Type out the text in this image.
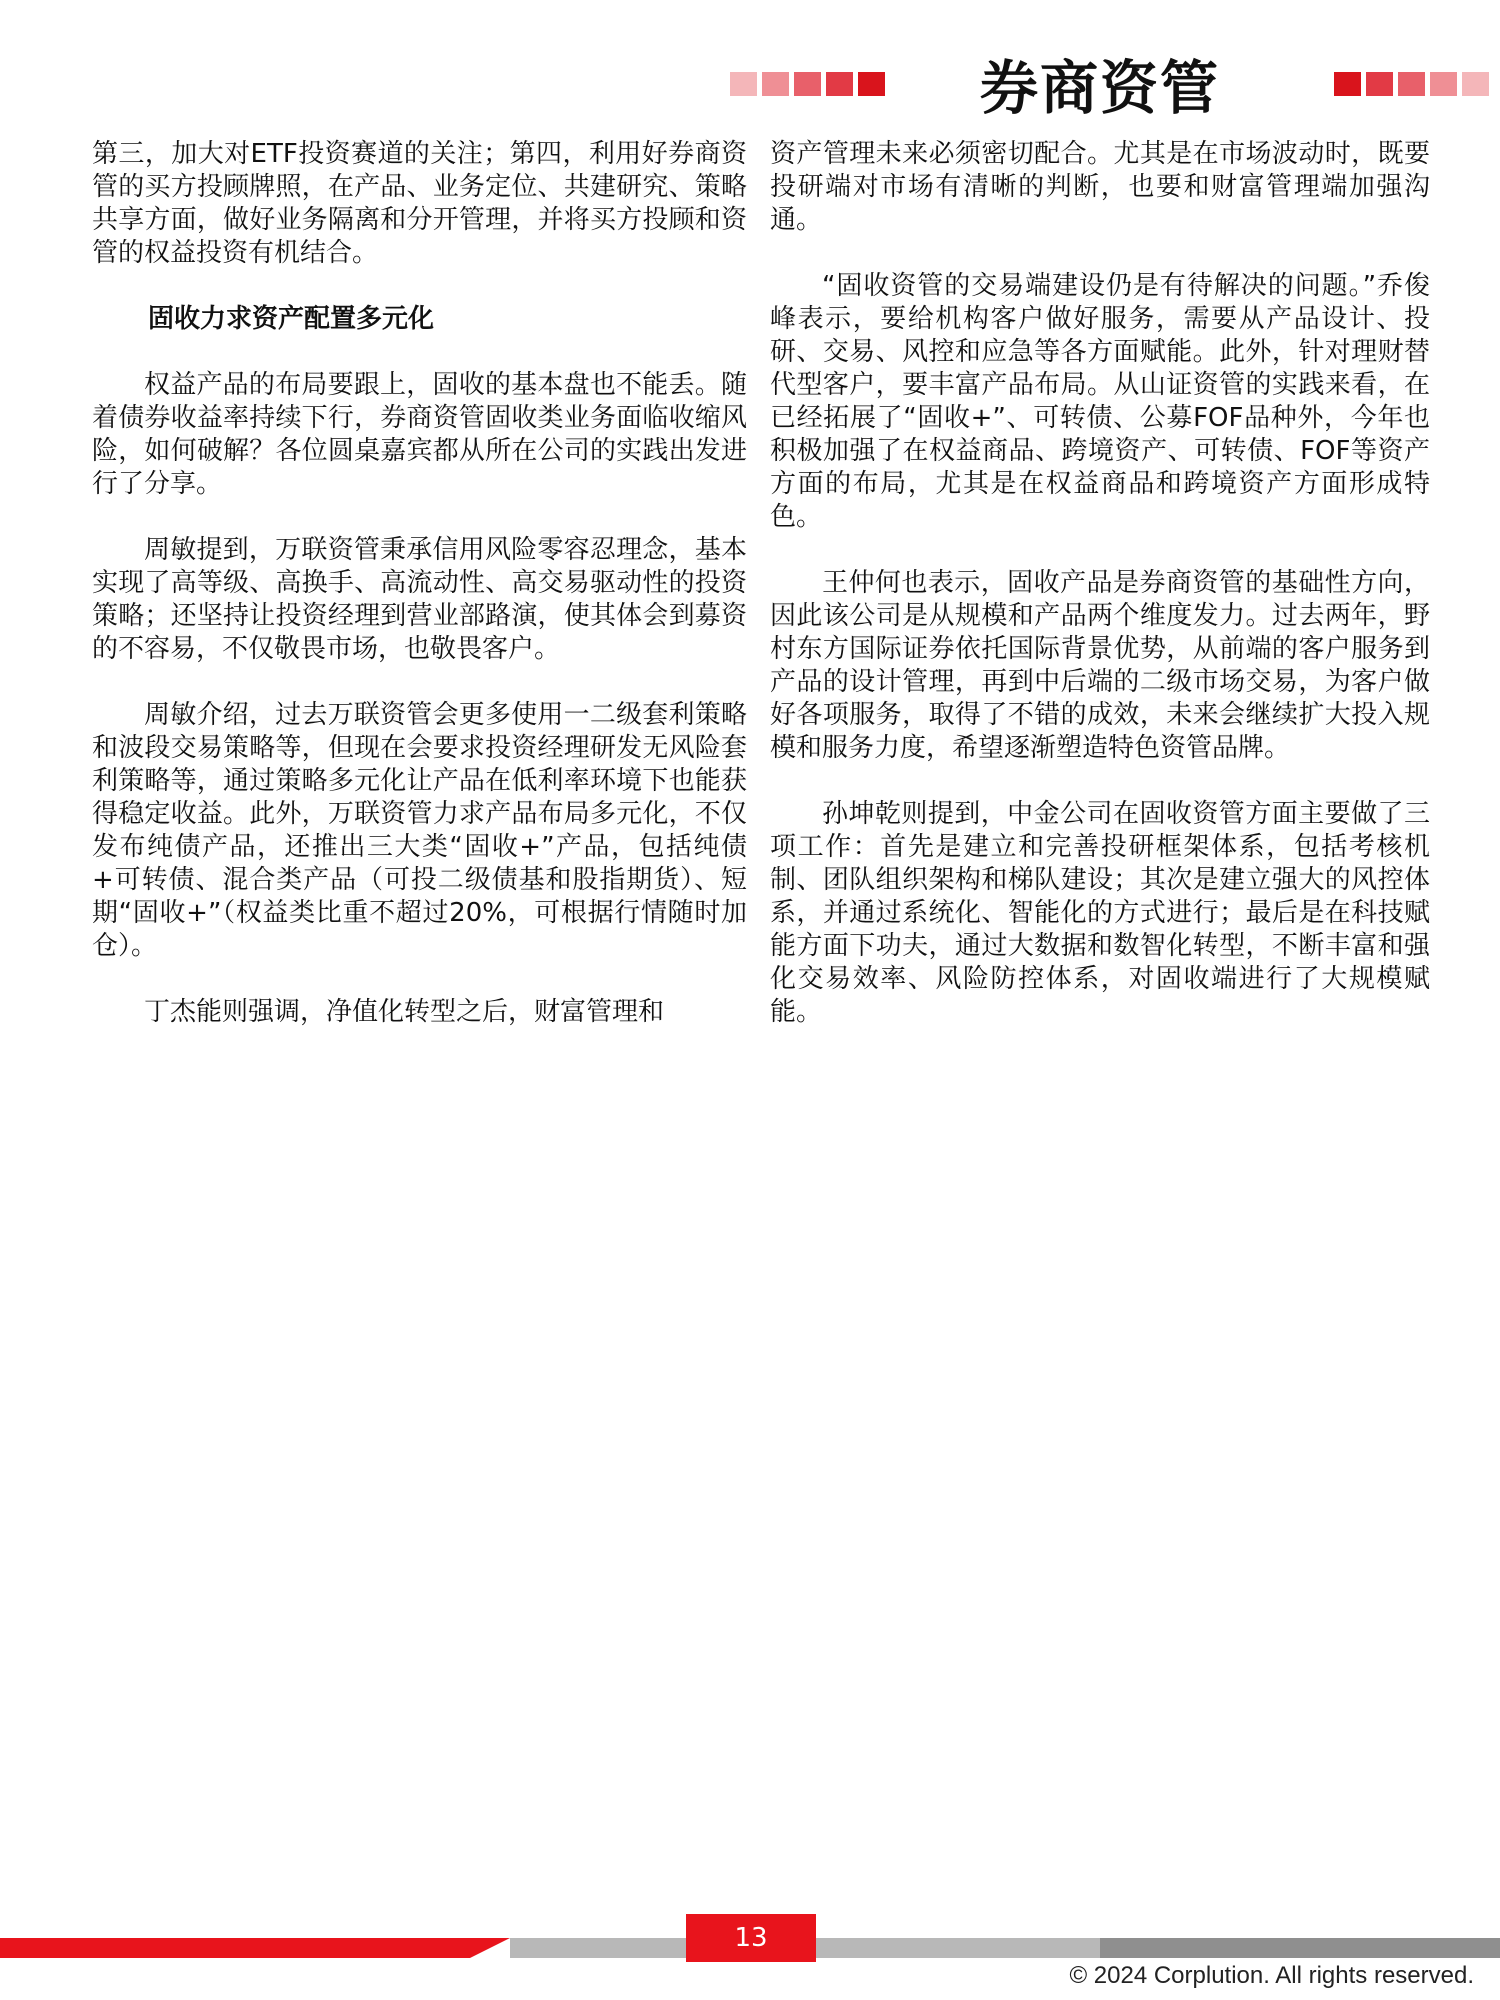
券商资管

第三，加大对ETF投资赛道的关注；第四，利用好券商资管的买方投顾牌照，在产品、业务定位、共建研究、策略共享方面，做好业务隔离和分开管理，并将买方投顾和资管的权益投资有机结合。

固收力求资产配置多元化

权益产品的布局要跟上，固收的基本盘也不能丢。随着债券收益率持续下行，券商资管固收类业务面临收缩风险，如何破解？各位圆桌嘉宾都从所在公司的实践出发进行了分享。

周敏提到，万联资管秉承信用风险零容忍理念，基本实现了高等级、高换手、高流动性、高交易驱动性的投资策略；还坚持让投资经理到营业部路演，使其体会到募资的不容易，不仅敬畏市场，也敬畏客户。

周敏介绍，过去万联资管会更多使用一二级套利策略和波段交易策略等，但现在会要求投资经理研发无风险套利策略等，通过策略多元化让产品在低利率环境下也能获得稳定收益。此外，万联资管力求产品布局多元化，不仅发布纯债产品，还推出三大类“固收+”产品，包括纯债+可转债、混合类产品（可投二级债基和股指期货）、短期“固收+”（权益类比重不超过20%，可根据行情随时加仓）。

丁杰能则强调，净值化转型之后，财富管理和

资产管理未来必须密切配合。尤其是在市场波动时，既要投研端对市场有清晰的判断，也要和财富管理端加强沟通。

“固收资管的交易端建设仍是有待解决的问题。”乔俊峰表示，要给机构客户做好服务，需要从产品设计、投研、交易、风控和应急等各方面赋能。此外，针对理财替代型客户，要丰富产品布局。从山证资管的实践来看，在已经拓展了“固收+”、可转债、公募FOF品种外，今年也积极加强了在权益商品、跨境资产、可转债、FOF等资产方面的布局，尤其是在权益商品和跨境资产方面形成特色。

王仲何也表示，固收产品是券商资管的基础性方向，因此该公司是从规模和产品两个维度发力。过去两年，野村东方国际证券依托国际背景优势，从前端的客户服务到产品的设计管理，再到中后端的二级市场交易，为客户做好各项服务，取得了不错的成效，未来会继续扩大投入规模和服务力度，希望逐渐塑造特色资管品牌。

孙坤乾则提到，中金公司在固收资管方面主要做了三项工作：首先是建立和完善投研框架体系，包括考核机制、团队组织架构和梯队建设；其次是建立强大的风控体系，并通过系统化、智能化的方式进行；最后是在科技赋能方面下功夫，通过大数据和数智化转型，不断丰富和强化交易效率、风险防控体系，对固收端进行了大规模赋能。

13
© 2024 Corplution. All rights reserved.
